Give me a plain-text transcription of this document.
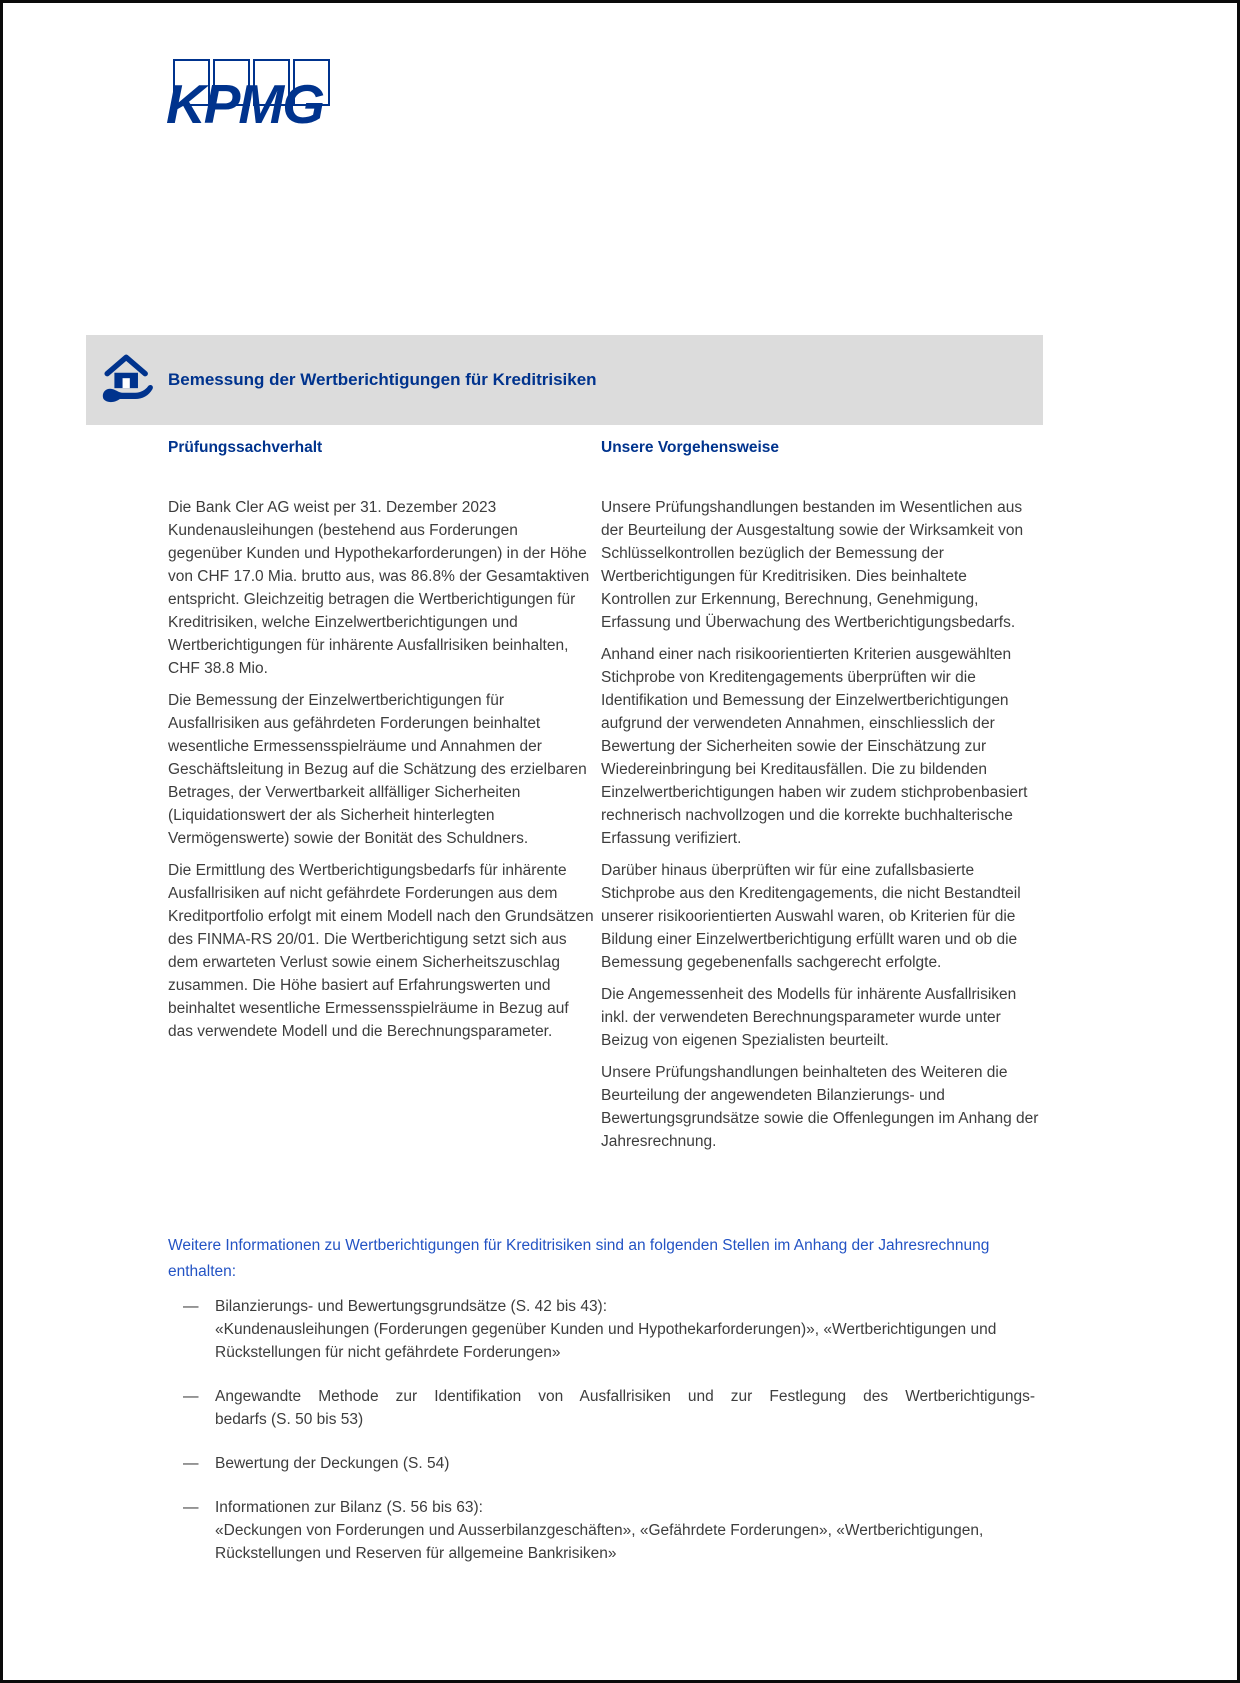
KPMG
Bemessung der Wertberichtigungen für Kreditrisiken
Prüfungssachverhalt

Die Bank Cler AG weist per 31. Dezember 2023 Kundenausleihungen (bestehend aus Forderungen gegenüber Kunden und Hypothekarforderungen) in der Höhe von CHF 17.0 Mia. brutto aus, was 86.8% der Gesamtaktiven entspricht. Gleichzeitig betragen die Wertberichtigungen für Kreditrisiken, welche Einzelwertberichtigungen und Wertberichtigungen für inhärente Ausfallrisiken beinhalten, CHF 38.8 Mio.

Die Bemessung der Einzelwertberichtigungen für Ausfallrisiken aus gefährdeten Forderungen beinhaltet wesentliche Ermessensspielräume und Annahmen der Geschäftsleitung in Bezug auf die Schätzung des erzielbaren Betrages, der Verwertbarkeit allfälliger Sicherheiten (Liquidationswert der als Sicherheit hinterlegten Vermögenswerte) sowie der Bonität des Schuldners.

Die Ermittlung des Wertberichtigungsbedarfs für inhärente Ausfallrisiken auf nicht gefährdete Forderungen aus dem Kreditportfolio erfolgt mit einem Modell nach den Grundsätzen des FINMA-RS 20/01. Die Wertberichtigung setzt sich aus dem erwarteten Verlust sowie einem Sicherheitszuschlag zusammen. Die Höhe basiert auf Erfahrungswerten und beinhaltet wesentliche Ermessensspielräume in Bezug auf das verwendete Modell und die Berechnungsparameter.

Unsere Vorgehensweise

Unsere Prüfungshandlungen bestanden im Wesentlichen aus der Beurteilung der Ausgestaltung sowie der Wirksamkeit von Schlüsselkontrollen bezüglich der Bemessung der Wertberichtigungen für Kreditrisiken. Dies beinhaltete Kontrollen zur Erkennung, Berechnung, Genehmigung, Erfassung und Überwachung des Wertberichtigungsbedarfs.

Anhand einer nach risikoorientierten Kriterien ausgewählten Stichprobe von Kreditengagements überprüften wir die Identifikation und Bemessung der Einzelwertberichtigungen aufgrund der verwendeten Annahmen, einschliesslich der Bewertung der Sicherheiten sowie der Einschätzung zur Wiedereinbringung bei Kreditausfällen. Die zu bildenden Einzelwertberichtigungen haben wir zudem stichprobenbasiert rechnerisch nachvollzogen und die korrekte buchhalterische Erfassung verifiziert.

Darüber hinaus überprüften wir für eine zufallsbasierte Stichprobe aus den Kreditengagements, die nicht Bestandteil unserer risikoorientierten Auswahl waren, ob Kriterien für die Bildung einer Einzelwertberichtigung erfüllt waren und ob die Bemessung gegebenenfalls sachgerecht erfolgte.

Die Angemessenheit des Modells für inhärente Ausfallrisiken inkl. der verwendeten Berechnungsparameter wurde unter Beizug von eigenen Spezialisten beurteilt.

Unsere Prüfungshandlungen beinhalteten des Weiteren die Beurteilung der angewendeten Bilanzierungs- und Bewertungsgrundsätze sowie die Offenlegungen im Anhang der Jahresrechnung.

Weitere Informationen zu Wertberichtigungen für Kreditrisiken sind an folgenden Stellen im Anhang der Jahresrechnung enthalten:
—	Bilanzierungs- und Bewertungsgrundsätze (S. 42 bis 43):
«Kundenausleihungen (Forderungen gegenüber Kunden und Hypothekarforderungen)», «Wertberichtigungen und Rückstellungen für nicht gefährdete Forderungen»
—	Angewandte Methode zur Identifikation von Ausfallrisiken und zur Festlegung des Wertberichtigungs-
bedarfs (S. 50 bis 53)
—	Bewertung der Deckungen (S. 54)
—	Informationen zur Bilanz (S. 56 bis 63):
«Deckungen von Forderungen und Ausserbilanzgeschäften», «Gefährdete Forderungen», «Wertberichtigungen, Rückstellungen und Reserven für allgemeine Bankrisiken»
